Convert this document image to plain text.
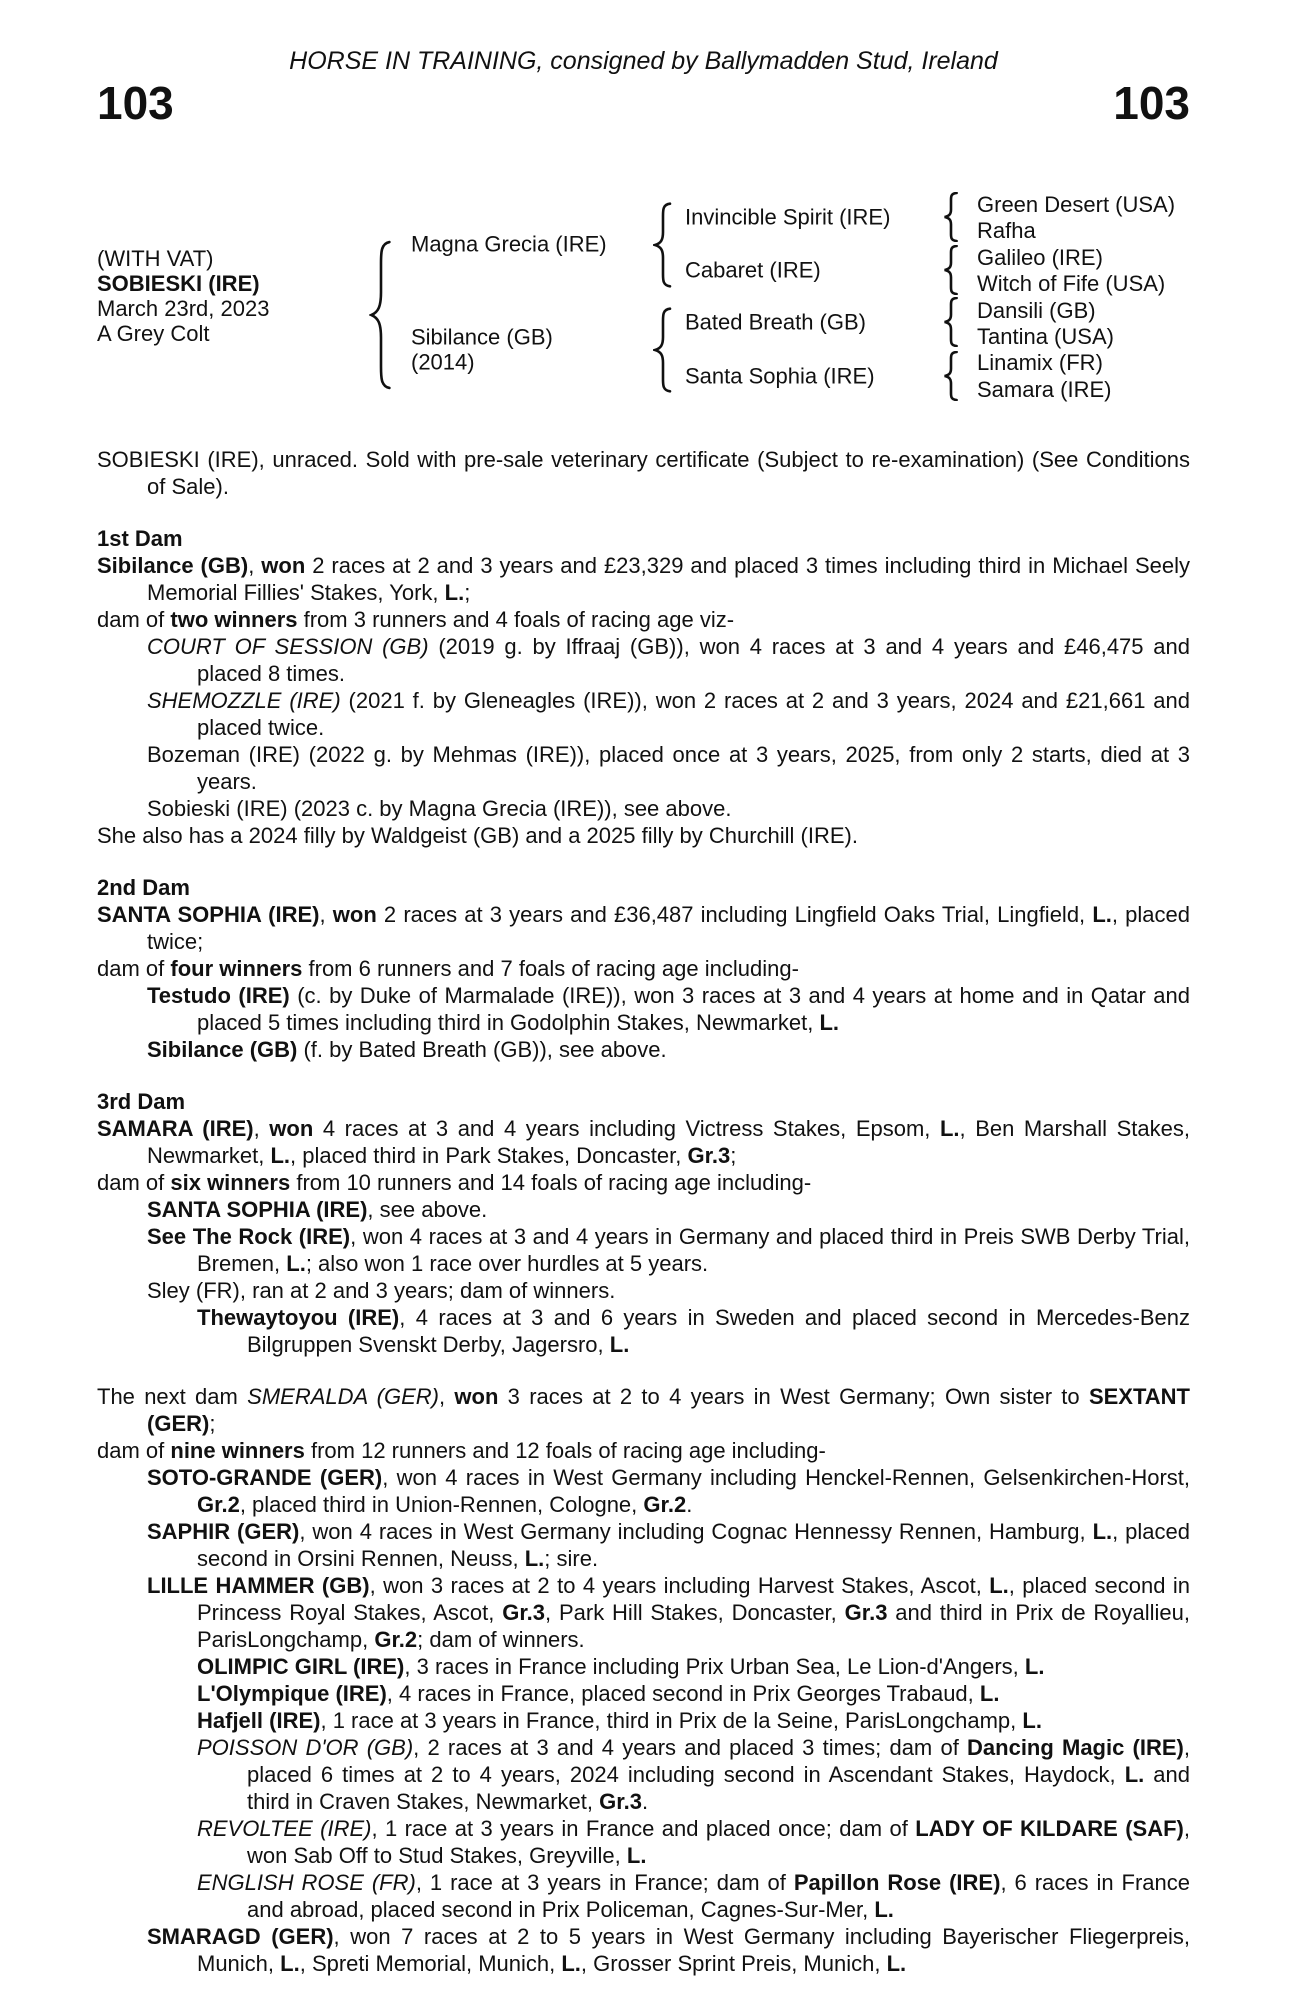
HORSE IN TRAINING, consigned by Ballymadden Stud, Ireland
103	103
(WITH VAT)
SOBIESKI (IRE)
March 23rd, 2023
A Grey Colt
Magna Grecia (IRE)
Sibilance (GB)
(2014)
Invincible Spirit (IRE)
Cabaret (IRE)
Bated Breath (GB)
Santa Sophia (IRE)
Green Desert (USA)
Rafha
Galileo (IRE)
Witch of Fife (USA)
Dansili (GB)
Tantina (USA)
Linamix (FR)
Samara (IRE)

SOBIESKI (IRE), unraced. Sold with pre-sale veterinary certificate (Subject to re-examination) (See Conditions of Sale).

1st Dam

Sibilance (GB), won 2 races at 2 and 3 years and £23,329 and placed 3 times including third in Michael Seely Memorial Fillies' Stakes, York, L.;

dam of two winners from 3 runners and 4 foals of racing age viz-

COURT OF SESSION (GB) (2019 g. by Iffraaj (GB)), won 4 races at 3 and 4 years and £46,475 and placed 8 times.

SHEMOZZLE (IRE) (2021 f. by Gleneagles (IRE)), won 2 races at 2 and 3 years, 2024 and £21,661 and placed twice.

Bozeman (IRE) (2022 g. by Mehmas (IRE)), placed once at 3 years, 2025, from only 2 starts, died at 3 years.

Sobieski (IRE) (2023 c. by Magna Grecia (IRE)), see above.

She also has a 2024 filly by Waldgeist (GB) and a 2025 filly by Churchill (IRE).

2nd Dam

SANTA SOPHIA (IRE), won 2 races at 3 years and £36,487 including Lingfield Oaks Trial, Lingfield, L., placed twice;

dam of four winners from 6 runners and 7 foals of racing age including-

Testudo (IRE) (c. by Duke of Marmalade (IRE)), won 3 races at 3 and 4 years at home and in Qatar and placed 5 times including third in Godolphin Stakes, Newmarket, L.

Sibilance (GB) (f. by Bated Breath (GB)), see above.

3rd Dam

SAMARA (IRE), won 4 races at 3 and 4 years including Victress Stakes, Epsom, L., Ben Marshall Stakes, Newmarket, L., placed third in Park Stakes, Doncaster, Gr.3;

dam of six winners from 10 runners and 14 foals of racing age including-

SANTA SOPHIA (IRE), see above.

See The Rock (IRE), won 4 races at 3 and 4 years in Germany and placed third in Preis SWB Derby Trial, Bremen, L.; also won 1 race over hurdles at 5 years.

Sley (FR), ran at 2 and 3 years; dam of winners.

Thewaytoyou (IRE), 4 races at 3 and 6 years in Sweden and placed second in Mercedes-Benz Bilgruppen Svenskt Derby, Jagersro, L.

The next dam SMERALDA (GER), won 3 races at 2 to 4 years in West Germany; Own sister to SEXTANT (GER);

dam of nine winners from 12 runners and 12 foals of racing age including-

SOTO-GRANDE (GER), won 4 races in West Germany including Henckel-Rennen, Gelsenkirchen-Horst, Gr.2, placed third in Union-Rennen, Cologne, Gr.2.

SAPHIR (GER), won 4 races in West Germany including Cognac Hennessy Rennen, Hamburg, L., placed second in Orsini Rennen, Neuss, L.; sire.

LILLE HAMMER (GB), won 3 races at 2 to 4 years including Harvest Stakes, Ascot, L., placed second in Princess Royal Stakes, Ascot, Gr.3, Park Hill Stakes, Doncaster, Gr.3 and third in Prix de Royallieu, ParisLongchamp, Gr.2; dam of winners.

OLIMPIC GIRL (IRE), 3 races in France including Prix Urban Sea, Le Lion-d'Angers, L.

L'Olympique (IRE), 4 races in France, placed second in Prix Georges Trabaud, L.

Hafjell (IRE), 1 race at 3 years in France, third in Prix de la Seine, ParisLongchamp, L.

POISSON D'OR (GB), 2 races at 3 and 4 years and placed 3 times; dam of Dancing Magic (IRE), placed 6 times at 2 to 4 years, 2024 including second in Ascendant Stakes, Haydock, L. and third in Craven Stakes, Newmarket, Gr.3.

REVOLTEE (IRE), 1 race at 3 years in France and placed once; dam of LADY OF KILDARE (SAF), won Sab Off to Stud Stakes, Greyville, L.

ENGLISH ROSE (FR), 1 race at 3 years in France; dam of Papillon Rose (IRE), 6 races in France and abroad, placed second in Prix Policeman, Cagnes-Sur-Mer, L.

SMARAGD (GER), won 7 races at 2 to 5 years in West Germany including Bayerischer Fliegerpreis, Munich, L., Spreti Memorial, Munich, L., Grosser Sprint Preis, Munich, L.
